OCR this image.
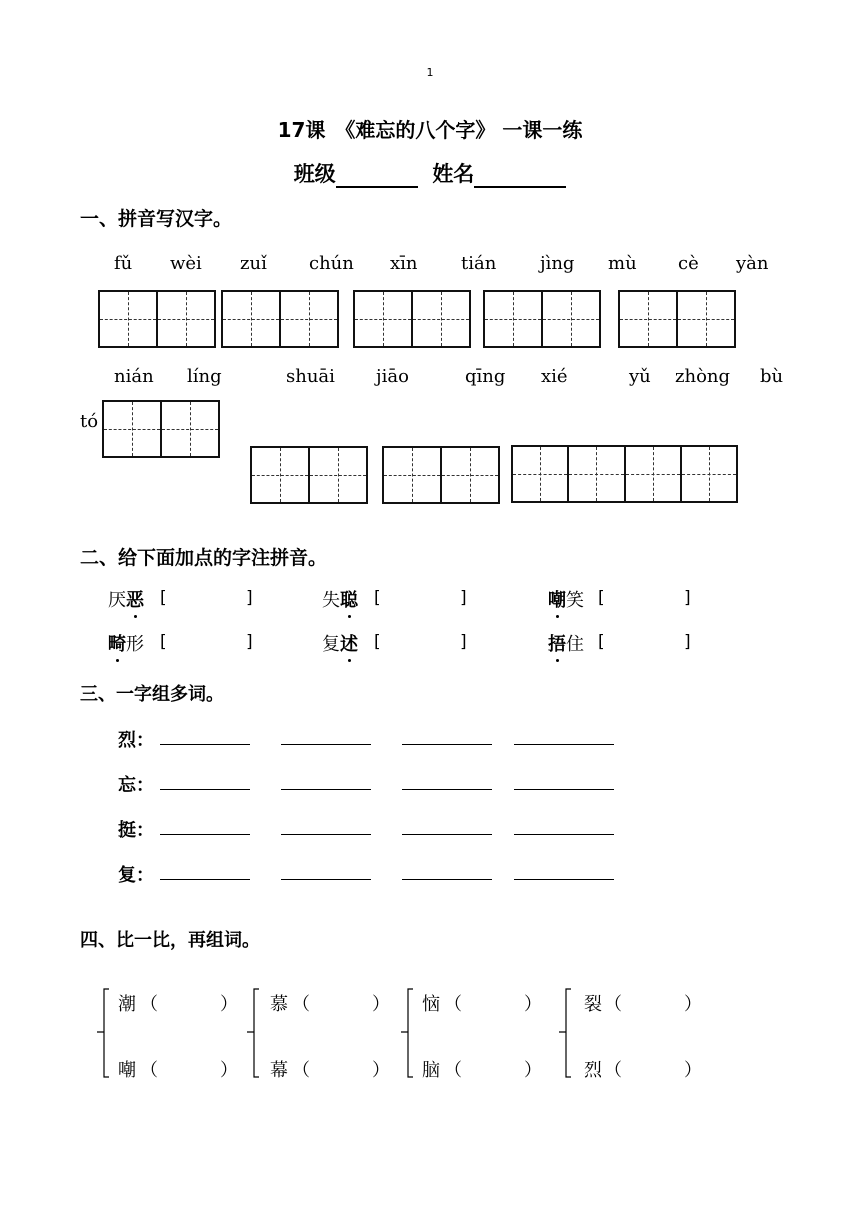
1
17课　《难忘的八个字》 一课一练
班级	姓名
一、拼音写汉字。
fǔ wèi zuǐ chún xīn tián jìng mù cè yàn
nián líng	shuāi jiāo	qīng xié	yǔ zhòng bù
tó
二、给下面加点的字注拼音。
厌恶 [	]	失聪 [	]	嘲笑 [	]
畸形 [	]	复述 [	]	捂住 [	]
三、一字组多词。
烈：
忘：
挺：
复：
四、比一比，再组词。
潮 （	）
嘲 （	）
慕 （	）
幕 （	）
恼 （	）
脑 （	）
裂 （	）
烈 （	）
